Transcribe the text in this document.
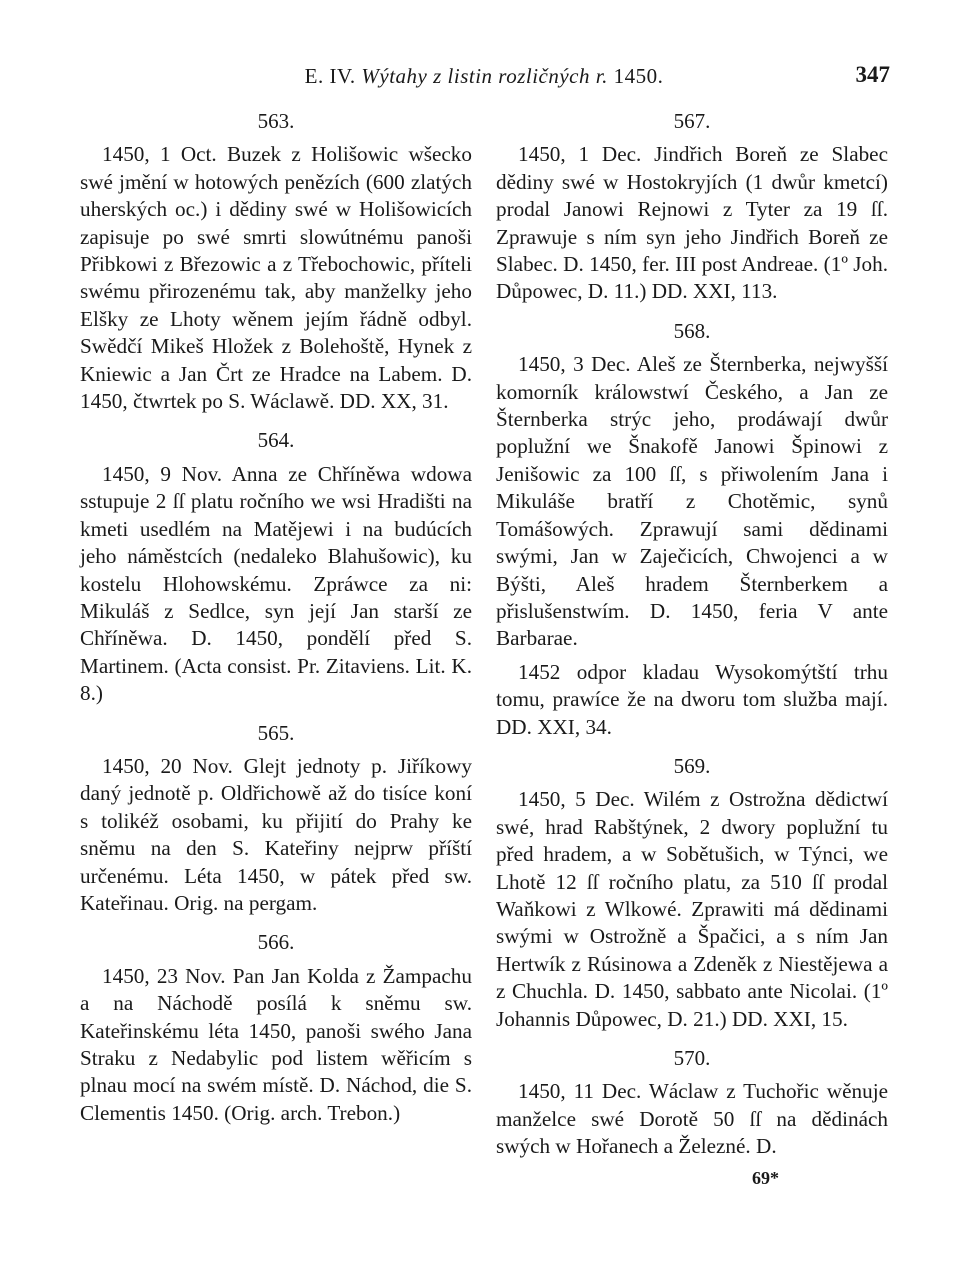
E. IV. Wýtahy z listin rozličných r. 1450.	347

563.

1450, 1 Oct. Buzek z Holišowic wšecko swé jmění w hotowých penězích (600 zlatých uherských oc.) i dědiny swé w Holišowicích zapisuje po swé smrti slowútnému panoši Přibkowi z Březowic a z Třebochowic, příteli swému přirozenému tak, aby manželky jeho Elšky ze Lhoty wěnem jejím řádně odbyl. Swědčí Mikeš Hložek z Bolehoště, Hynek z Kniewic a Jan Črt ze Hradce na Labem. D. 1450, čtwrtek po S. Wáclawě. DD. XX, 31.

564.

1450, 9 Nov. Anna ze Chříněwa wdowa sstupuje 2 ſſ platu ročního we wsi Hradišti na kmeti usedlém na Matějewi i na budúcích jeho náměstcích (nedaleko Blahušowic), ku kostelu Hlohowskému. Zpráwce za ni: Mikuláš z Sedlce, syn její Jan starší ze Chříněwa. D. 1450, pondělí před S. Martinem. (Acta consist. Pr. Zitaviens. Lit. K. 8.)

565.

1450, 20 Nov. Glejt jednoty p. Jiříkowy daný jednotě p. Oldřichowě až do tisíce koní s tolikéž osobami, ku přijití do Prahy ke sněmu na den S. Kateřiny nejprw příští určenému. Léta 1450, w pátek před sw. Kateřinau. Orig. na pergam.

566.

1450, 23 Nov. Pan Jan Kolda z Žampachu a na Náchodě posílá k sněmu sw. Kateřinskému léta 1450, panoši swého Jana Straku z Nedabylic pod listem wěřicím s plnau mocí na swém místě. D. Náchod, die S. Clementis 1450. (Orig. arch. Trebon.)

567.

1450, 1 Dec. Jindřich Boreň ze Slabec dědiny swé w Hostokryjích (1 dwůr kmetcí) prodal Janowi Rejnowi z Tyter za 19 ſſ. Zprawuje s ním syn jeho Jindřich Boreň ze Slabec. D. 1450, fer. III post Andreae. (1º Joh. Důpowec, D. 11.) DD. XXI, 113.

568.

1450, 3 Dec. Aleš ze Šternberka, nejwyšší komorník králowstwí Českého, a Jan ze Šternberka strýc jeho, prodáwají dwůr poplužní we Šnakofě Janowi Špinowi z Jenišowic za 100 ſſ, s přiwolením Jana i Mikuláše bratří z Chotěmic, synů Tomášowých. Zprawují sami dědinami swými, Jan w Zaječicích, Chwojenci a w Býšti, Aleš hradem Šternberkem a přislušenstwím. D. 1450, feria V ante Barbarae.

1452 odpor kladau Wysokomýtští trhu tomu, prawíce že na dworu tom služba mají. DD. XXI, 34.

569.

1450, 5 Dec. Wilém z Ostrožna dědictwí swé, hrad Rabštýnek, 2 dwory poplužní tu před hradem, a w Sobětušich, w Týnci, we Lhotě 12 ſſ ročního platu, za 510 ſſ prodal Waňkowi z Wlkowé. Zprawiti má dědinami swými w Ostrožně a Špačici, a s ním Jan Hertwík z Rúsinowa a Zdeněk z Niestějewa a z Chuchla. D. 1450, sabbato ante Nicolai. (1º Johannis Důpowec, D. 21.) DD. XXI, 15.

570.

1450, 11 Dec. Wáclaw z Tuchořic wěnuje manželce swé Dorotě 50 ſſ na dědinách swých w Hořanech a Železné. D.

69*
